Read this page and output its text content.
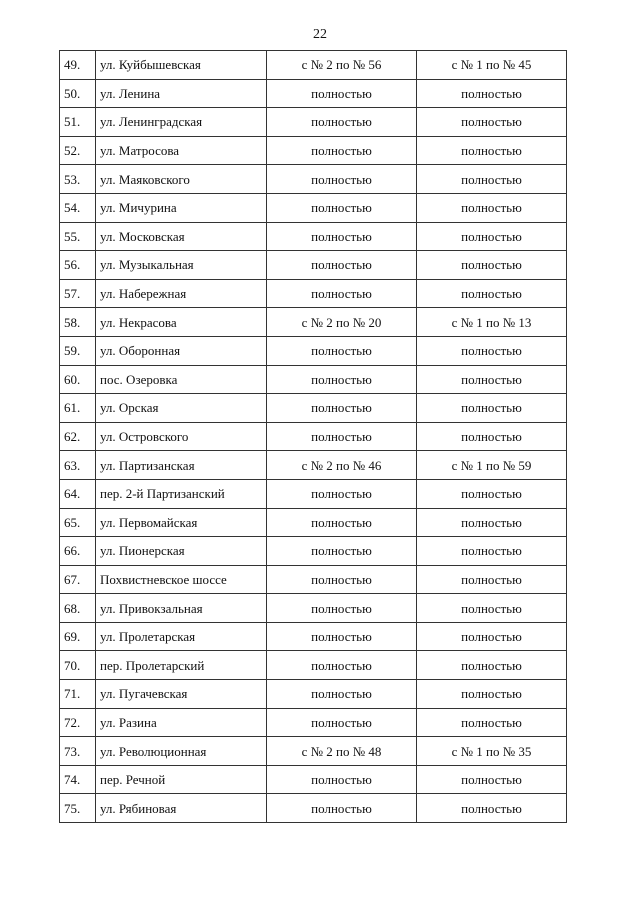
22
49.	ул. Куйбышевская	с № 2 по № 56	с № 1 по № 45
50.	ул. Ленина	полностью	полностью
51.	ул. Ленинградская	полностью	полностью
52.	ул. Матросова	полностью	полностью
53.	ул. Маяковского	полностью	полностью
54.	ул. Мичурина	полностью	полностью
55.	ул. Московская	полностью	полностью
56.	ул. Музыкальная	полностью	полностью
57.	ул. Набережная	полностью	полностью
58.	ул. Некрасова	с № 2 по № 20	с № 1 по № 13
59.	ул. Оборонная	полностью	полностью
60.	пос. Озеровка	полностью	полностью
61.	ул. Орская	полностью	полностью
62.	ул. Островского	полностью	полностью
63.	ул. Партизанская	с № 2 по № 46	с № 1 по № 59
64.	пер. 2-й Партизанский	полностью	полностью
65.	ул. Первомайская	полностью	полностью
66.	ул. Пионерская	полностью	полностью
67.	Похвистневское шоссе	полностью	полностью
68.	ул. Привокзальная	полностью	полностью
69.	ул. Пролетарская	полностью	полностью
70.	пер. Пролетарский	полностью	полностью
71.	ул. Пугачевская	полностью	полностью
72.	ул. Разина	полностью	полностью
73.	ул. Революционная	с № 2 по № 48	с № 1 по № 35
74.	пер. Речной	полностью	полностью
75.	ул. Рябиновая	полностью	полностью
